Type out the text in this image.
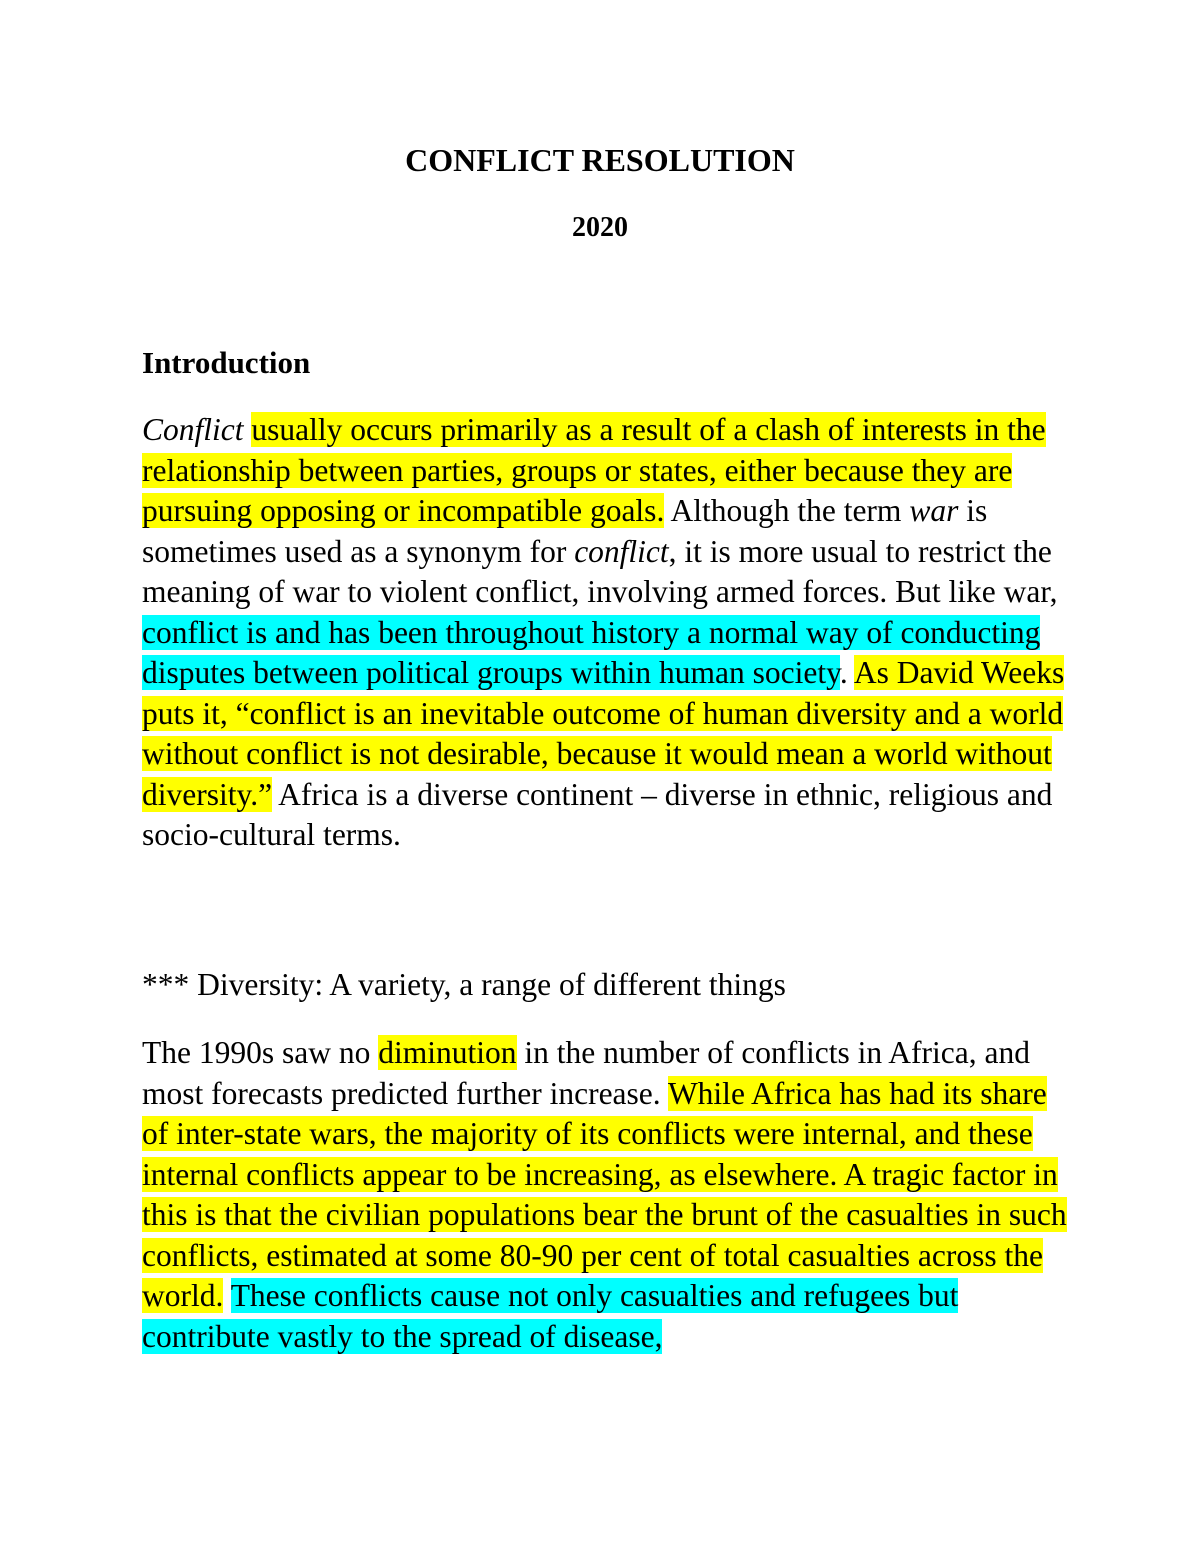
CONFLICT RESOLUTION
2020
Introduction

Conflict usually occurs primarily as a result of a clash of interests in the relationship between parties, groups or states, either because they are pursuing opposing or incompatible goals. Although the term war is sometimes used as a synonym for conflict, it is more usual to restrict the meaning of war to violent conflict, involving armed forces. But like war, conflict is and has been throughout history a normal way of conducting disputes between political groups within human society. As David Weeks puts it, “conflict is an inevitable outcome of human diversity and a world without conflict is not desirable, because it would mean a world without diversity.” Africa is a diverse continent – diverse in ethnic, religious and socio-cultural terms.

*** Diversity: A variety, a range of different things

The 1990s saw no diminution in the number of conflicts in Africa, and most forecasts predicted further increase. While Africa has had its share of inter-state wars, the majority of its conflicts were internal, and these internal conflicts appear to be increasing, as elsewhere. A tragic factor in this is that the civilian populations bear the brunt of the casualties in such conflicts, estimated at some 80-90 per cent of total casualties across the world. These conflicts cause not only casualties and refugees but contribute vastly to the spread of disease,
